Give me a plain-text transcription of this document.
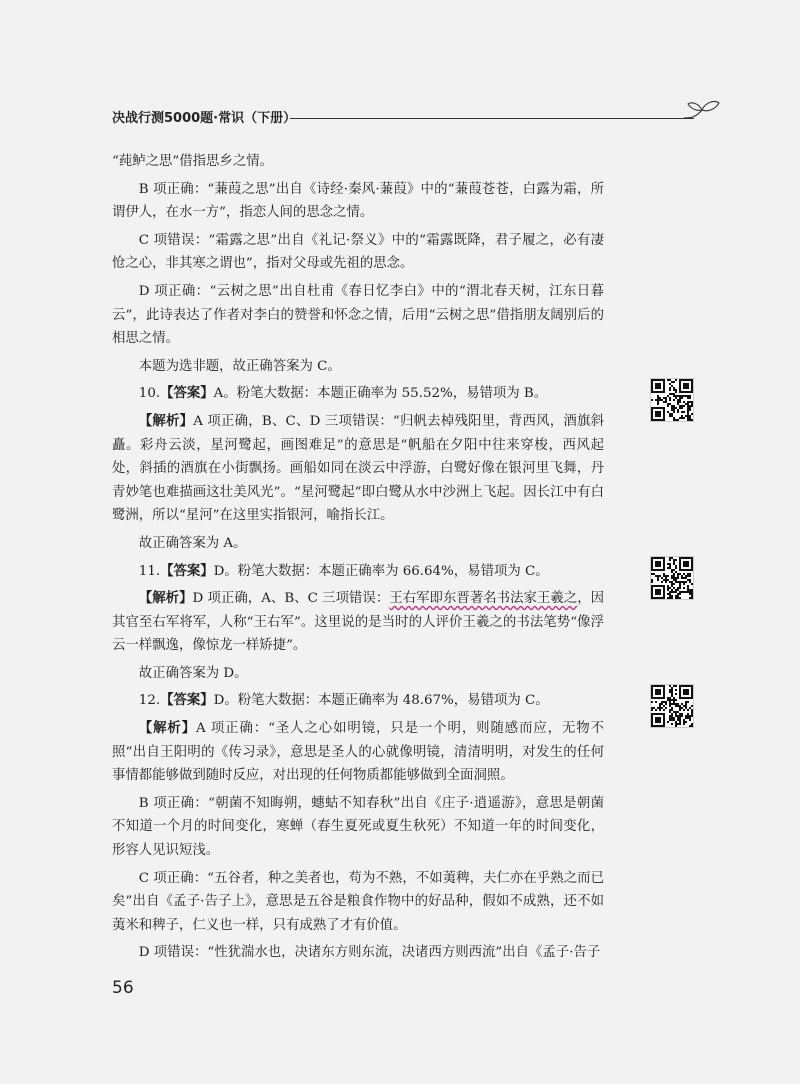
决战行测5000题·常识（下册）

“莼鲈之思”借指思乡之情。

B 项正确：“蒹葭之思”出自《诗经·秦风·蒹葭》中的“蒹葭苍苍，白露为霜，所谓伊人，在水一方”，指恋人间的思念之情。

C 项错误：“霜露之思”出自《礼记·祭义》中的“霜露既降，君子履之，必有凄怆之心，非其寒之谓也”，指对父母或先祖的思念。

D 项正确：“云树之思”出自杜甫《春日忆李白》中的“渭北春天树，江东日暮云”，此诗表达了作者对李白的赞誉和怀念之情，后用“云树之思”借指朋友阔别后的相思之情。

本题为选非题，故正确答案为 C。

10.【答案】A。粉笔大数据：本题正确率为 55.52%，易错项为 B。

【解析】A 项正确，B、C、D 三项错误：“归帆去棹残阳里，背西风，酒旗斜矗。彩舟云淡，星河鹭起，画图难足”的意思是“帆船在夕阳中往来穿梭，西风起处，斜插的酒旗在小街飘扬。画船如同在淡云中浮游，白鹭好像在银河里飞舞，丹青妙笔也难描画这壮美风光”。“星河鹭起”即白鹭从水中沙洲上飞起。因长江中有白鹭洲，所以“星河”在这里实指银河，喻指长江。

故正确答案为 A。

11.【答案】D。粉笔大数据：本题正确率为 66.64%，易错项为 C。

【解析】D 项正确，A、B、C 三项错误：王右军即东晋著名书法家王羲之，因其官至右军将军，人称“王右军”。这里说的是当时的人评价王羲之的书法笔势“像浮云一样飘逸，像惊龙一样矫捷”。

故正确答案为 D。

12.【答案】D。粉笔大数据：本题正确率为 48.67%，易错项为 C。

【解析】A 项正确：“圣人之心如明镜，只是一个明，则随感而应，无物不照”出自王阳明的《传习录》，意思是圣人的心就像明镜，清清明明，对发生的任何事情都能够做到随时反应，对出现的任何物质都能够做到全面洞照。

B 项正确：“朝菌不知晦朔，蟪蛄不知春秋”出自《庄子·逍遥游》，意思是朝菌不知道一个月的时间变化，寒蝉（春生夏死或夏生秋死）不知道一年的时间变化，形容人见识短浅。

C 项正确：“五谷者，种之美者也，苟为不熟，不如荑稗，夫仁亦在乎熟之而已矣”出自《孟子·告子上》，意思是五谷是粮食作物中的好品种，假如不成熟，还不如荑米和稗子，仁义也一样，只有成熟了才有价值。

D 项错误：“性犹湍水也，决诸东方则东流，决诸西方则西流”出自《孟子·告子

56
